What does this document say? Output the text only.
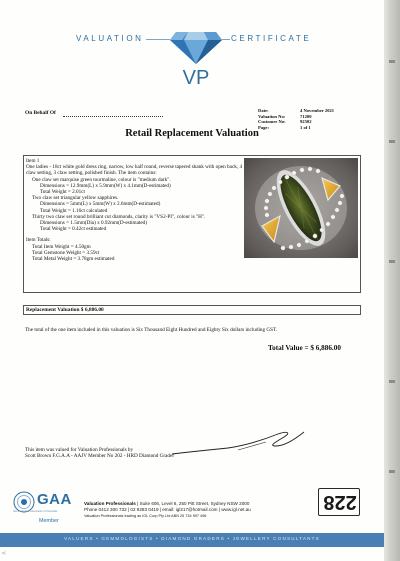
VALUATION	CERTIFICATE
VP
On Behalf Of	Date:	4 November 2021
Valuation No:	71200
Customer No:	92502
Page:	1 of 1
Retail Replacement Valuation
Item 1
One ladies - 18ct white gold dress ring, narrow, low half round, reverse tapered shank with open back, 4 claw setting, 3 claw setting, polished finish. The item contains:
One claw set marquise green tourmaline, colour is "medium dark".
Dimensions = 12.9mm(L) x 5.9mm(W) x 4.1mm(D-estimated)
Total Weight = 2.01ct
Two claw set triangular yellow sapphires.
Dimensions = 5mm(L) x 5mm(W) x 2.6mm(D-estimated)
Total Weight = 1.16ct calculated
Thirty two claw set round brilliant cut diamonds, clarity is "VS2-PI", colour is "H".
Dimensions = 1.5mm(Dia) x 0.92mm(D-estimated)
Total Weight = 0.42ct estimated
Item Totals:
Total Item Weight = 4.50gm
Total Gemstone Weight = 3.59ct
Total Metal Weight = 3.78gm estimated
Replacement Valuation $ 6,886.00
The total of the one item included in this valuation is Six Thousand Eight Hundred and Eighty Six dollars including GST.
Total Value = $ 6,886.00
This item was valued for Valuation Professionals by
Scott Brown F.G.A.A - AAJV Member No 202 - HRD Diamond Grader
GAA
Gemmological Association of Australia
Member
Valuation Professionals | Suite 606, Level 6, 250 Pitt Street, Sydney NSW 2000
Phone 0412 300 732 | 02 9283 0419 | email: igl217@hotmail.com | www.igl.net.au
Valuation Professionals trading as IGL Corp Pty Ltd ABN 25 734 997 496
228
VALUERS • GEMMOLOGISTS • DIAMOND GRADERS • JEWELLERY CONSULTANTS
«|
